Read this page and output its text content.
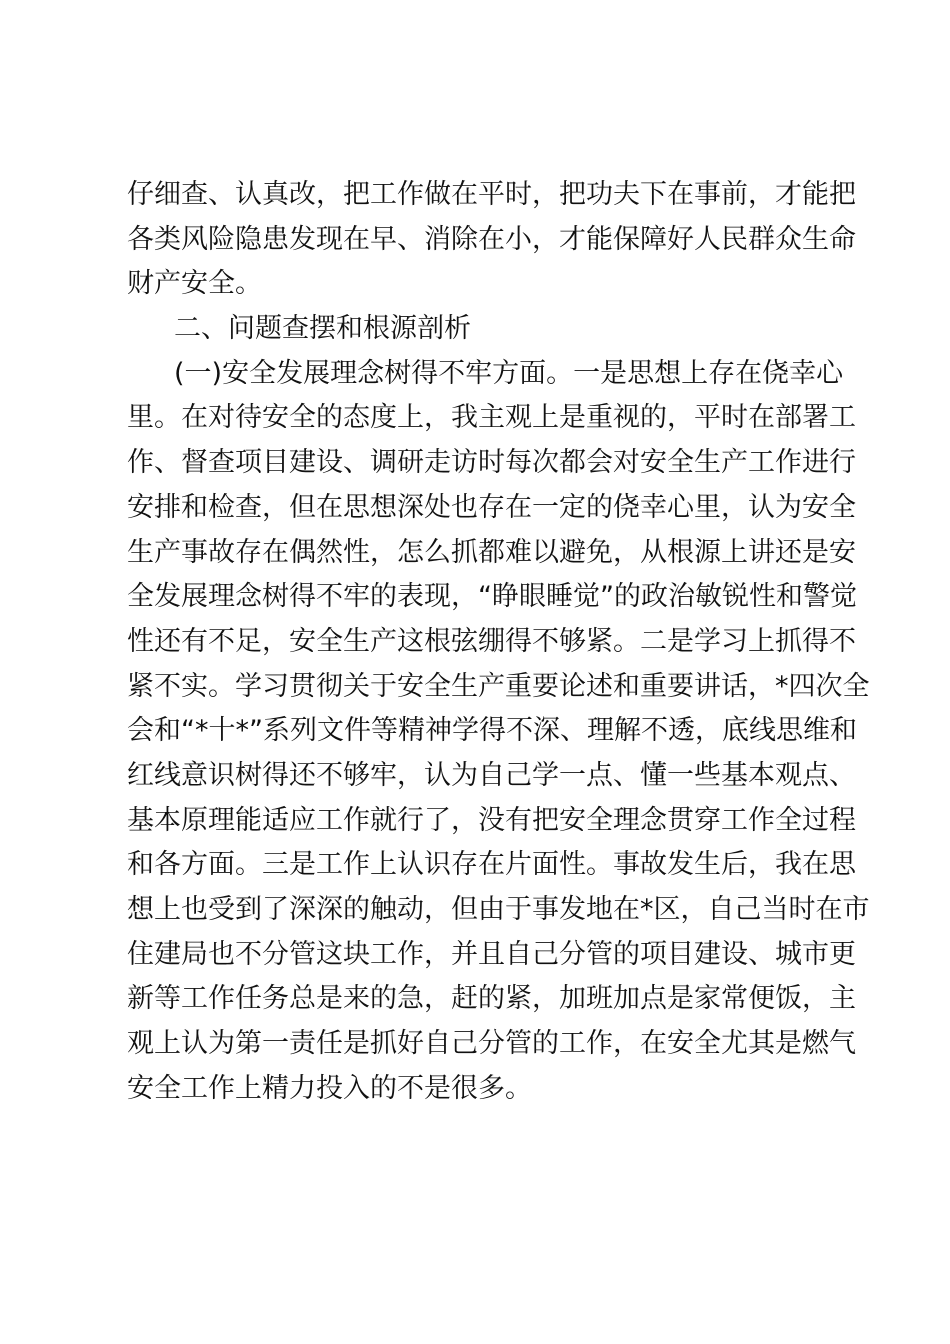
仔细查、认真改，把工作做在平时，把功夫下在事前，才能把
各类风险隐患发现在早、消除在小，才能保障好人民群众生命
财产安全。
二、问题查摆和根源剖析
(一)安全发展理念树得不牢方面。一是思想上存在侥幸心
里。在对待安全的态度上，我主观上是重视的，平时在部署工
作、督查项目建设、调研走访时每次都会对安全生产工作进行
安排和检查，但在思想深处也存在一定的侥幸心里，认为安全
生产事故存在偶然性，怎么抓都难以避免，从根源上讲还是安
全发展理念树得不牢的表现，“睁眼睡觉”的政治敏锐性和警觉
性还有不足，安全生产这根弦绷得不够紧。二是学习上抓得不
紧不实。学习贯彻关于安全生产重要论述和重要讲话，*四次全
会和“*十*”系列文件等精神学得不深、理解不透，底线思维和
红线意识树得还不够牢，认为自己学一点、懂一些基本观点、
基本原理能适应工作就行了，没有把安全理念贯穿工作全过程
和各方面。三是工作上认识存在片面性。事故发生后，我在思
想上也受到了深深的触动，但由于事发地在*区，自己当时在市
住建局也不分管这块工作，并且自己分管的项目建设、城市更
新等工作任务总是来的急，赶的紧，加班加点是家常便饭，主
观上认为第一责任是抓好自己分管的工作，在安全尤其是燃气
安全工作上精力投入的不是很多。
